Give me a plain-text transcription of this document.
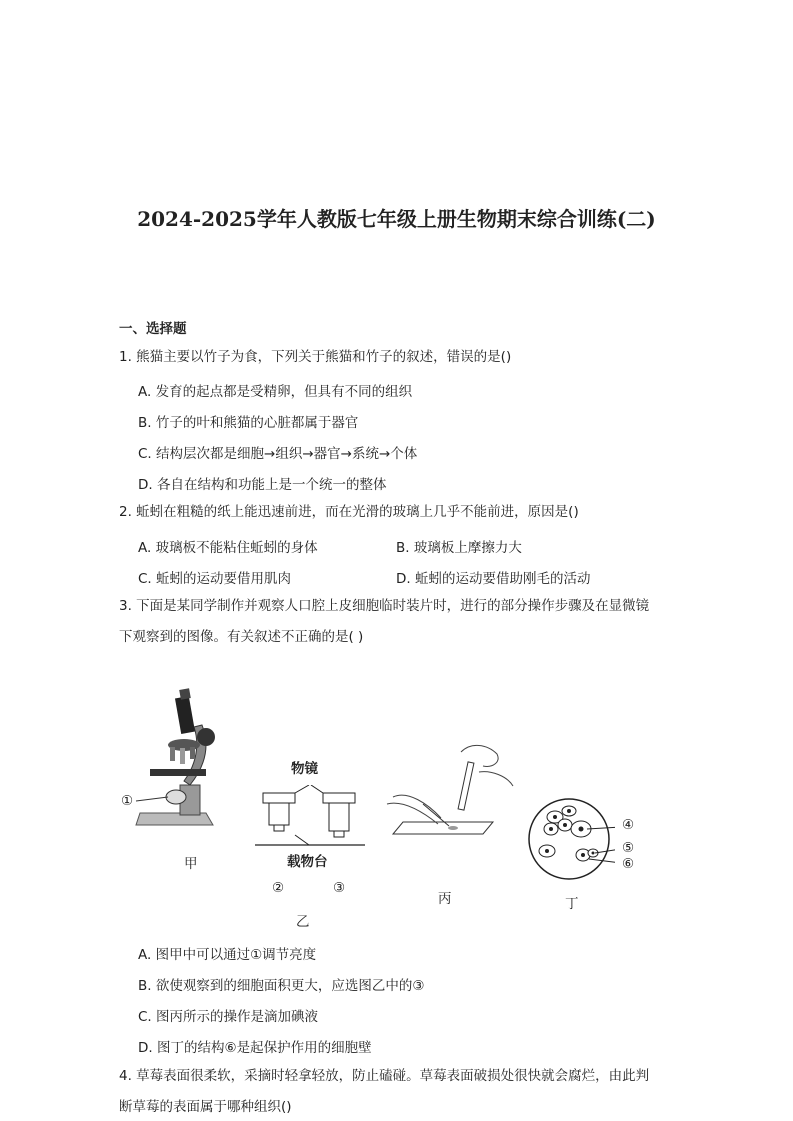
2024-2025学年人教版七年级上册生物期末综合训练(二)
一、选择题
1. 熊猫主要以竹子为食，下列关于熊猫和竹子的叙述，错误的是()
A. 发育的起点都是受精卵，但具有不同的组织
B. 竹子的叶和熊猫的心脏都属于器官
C. 结构层次都是细胞→组织→器官→系统→个体
D. 各自在结构和功能上是一个统一的整体
2. 蚯蚓在粗糙的纸上能迅速前进，而在光滑的玻璃上几乎不能前进，原因是()
A. 玻璃板不能粘住蚯蚓的身体	B. 玻璃板上摩擦力大
C. 蚯蚓的运动要借用肌肉	D. 蚯蚓的运动要借助刚毛的活动
3. 下面是某同学制作并观察人口腔上皮细胞临时装片时，进行的部分操作步骤及在显微镜
下观察到的图像。有关叙述不正确的是( )
①
甲
物镜
载物台
②	③
乙
丙
④
⑤
⑥
丁
A. 图甲中可以通过①调节亮度
B. 欲使观察到的细胞面积更大，应选图乙中的③
C. 图丙所示的操作是滴加碘液
D. 图丁的结构⑥是起保护作用的细胞壁
4. 草莓表面很柔软，采摘时轻拿轻放，防止磕碰。草莓表面破损处很快就会腐烂，由此判
断草莓的表面属于哪种组织()
